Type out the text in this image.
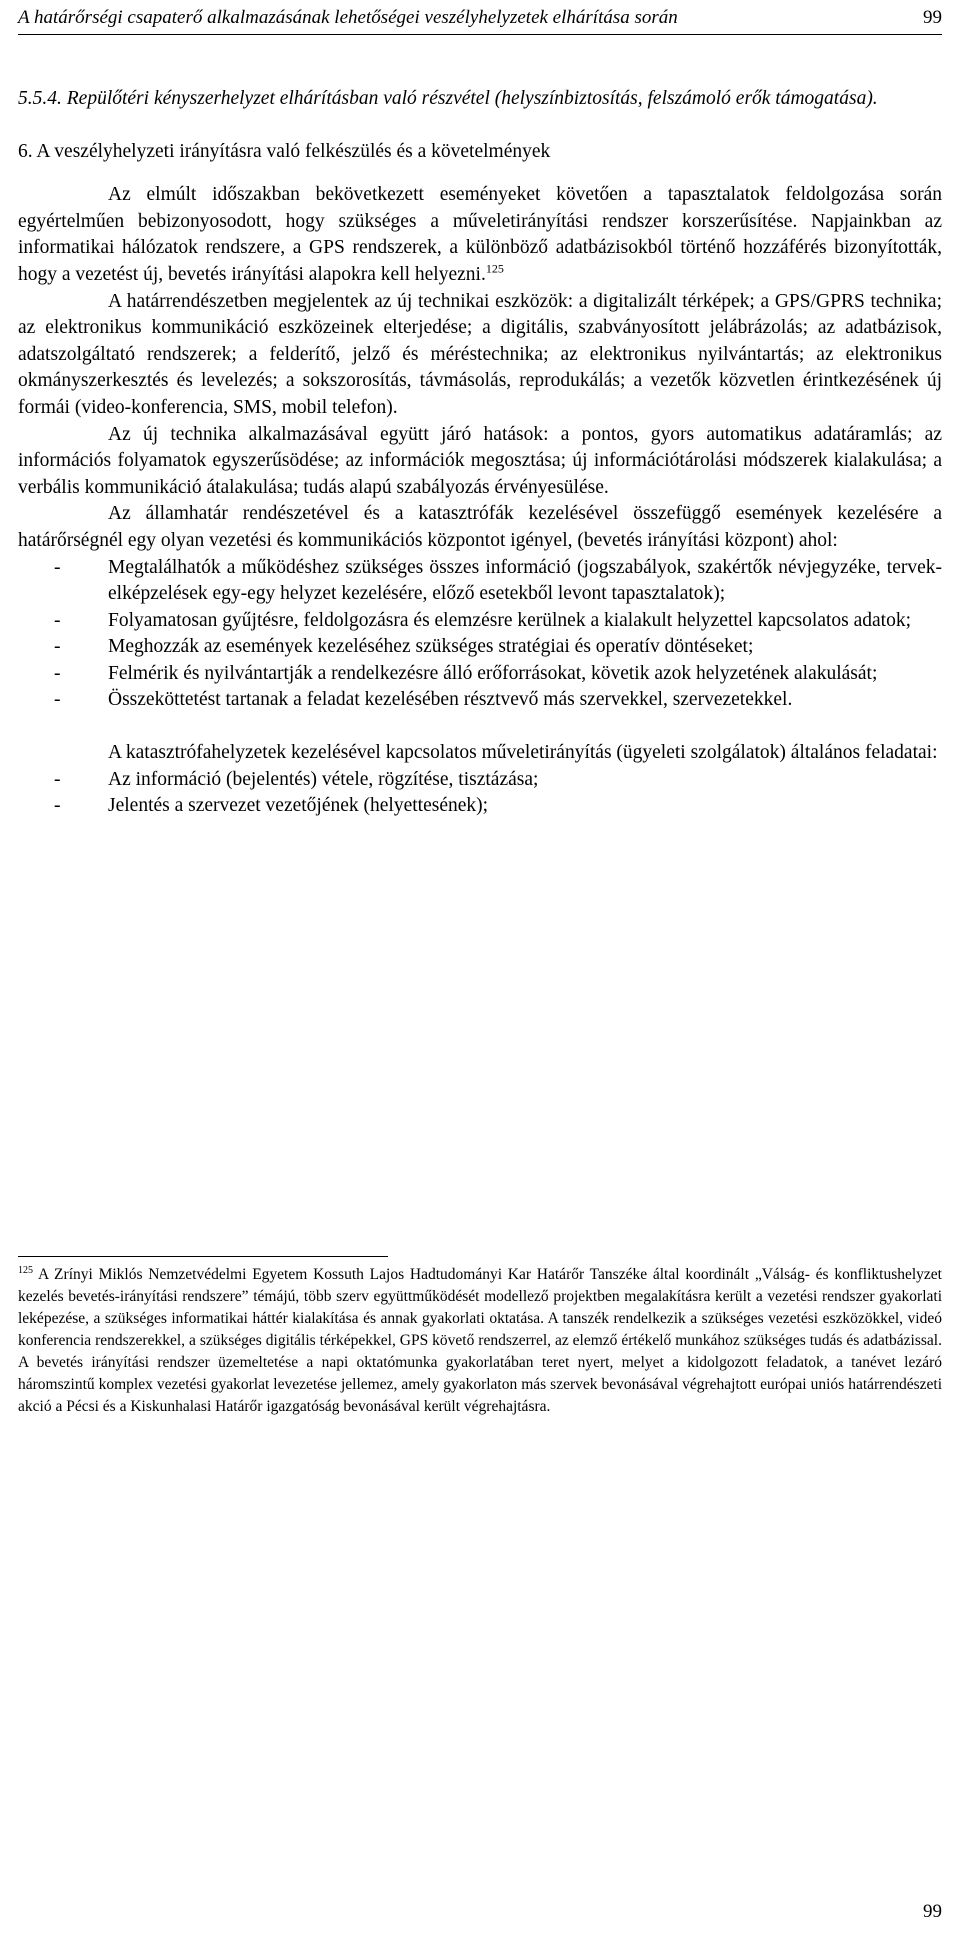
A határőrségi csapaterő alkalmazásának lehetőségei veszélyhelyzetek elhárítása során	99

5.5.4. Repülőtéri kényszerhelyzet elhárításban való részvétel (helyszínbiztosítás, felszámoló erők támogatása).

6. A veszélyhelyzeti irányításra való felkészülés és a követelmények

Az elmúlt időszakban bekövetkezett eseményeket követően a tapasztalatok feldolgozása során egyértelműen bebizonyosodott, hogy szükséges a műveletirányítási rendszer korszerűsítése. Napjainkban az informatikai hálózatok rendszere, a GPS rendszerek, a különböző adatbázisokból történő hozzáférés bizonyították, hogy a vezetést új, bevetés irányítási alapokra kell helyezni.$^{125}$

A határrendészetben megjelentek az új technikai eszközök: a digitalizált térképek; a GPS/GPRS technika; az elektronikus kommunikáció eszközeinek elterjedése; a digitális, szabványosított jelábrázolás; az adatbázisok, adatszolgáltató rendszerek; a felderítő, jelző és méréstechnika; az elektronikus nyilvántartás; az elektronikus okmányszerkesztés és levelezés; a sokszorosítás, távmásolás, reprodukálás; a vezetők közvetlen érintkezésének új formái (video-konferencia, SMS, mobil telefon).

Az új technika alkalmazásával együtt járó hatások: a pontos, gyors automatikus adatáramlás; az információs folyamatok egyszerűsödése; az információk megosztása; új információtárolási módszerek kialakulása; a verbális kommunikáció átalakulása; tudás alapú szabályozás érvényesülése.

Az államhatár rendészetével és a katasztrófák kezelésével összefüggő események kezelésére a határőrségnél egy olyan vezetési és kommunikációs központot igényel, (bevetés irányítási központ) ahol:

- Megtalálhatók a működéshez szükséges összes információ (jogszabályok, szakértők névjegyzéke, tervek-elképzelések egy-egy helyzet kezelésére, előző esetekből levont tapasztalatok);
- Folyamatosan gyűjtésre, feldolgozásra és elemzésre kerülnek a kialakult helyzettel kapcsolatos adatok;
- Meghozzák az események kezeléséhez szükséges stratégiai és operatív döntéseket;
- Felmérik és nyilvántartják a rendelkezésre álló erőforrásokat, követik azok helyzetének alakulását;
- Összeköttetést tartanak a feladat kezelésében résztvevő más szervekkel, szervezetekkel.

A katasztrófahelyzetek kezelésével kapcsolatos műveletirányítás (ügyeleti szolgálatok) általános feladatai:

- Az információ (bejelentés) vétele, rögzítése, tisztázása;
- Jelentés a szervezet vezetőjének (helyettesének);

$^{125}$ A Zrínyi Miklós Nemzetvédelmi Egyetem Kossuth Lajos Hadtudományi Kar Határőr Tanszéke által koordinált „Válság- és konfliktushelyzet kezelés bevetés-irányítási rendszere” témájú, több szerv együttműködését modellező projektben megalakításra került a vezetési rendszer gyakorlati leképezése, a szükséges informatikai háttér kialakítása és annak gyakorlati oktatása. A tanszék rendelkezik a szükséges vezetési eszközökkel, videó konferencia rendszerekkel, a szükséges digitális térképekkel, GPS követő rendszerrel, az elemző értékelő munkához szükséges tudás és adatbázissal. A bevetés irányítási rendszer üzemeltetése a napi oktatómunka gyakorlatában teret nyert, melyet a kidolgozott feladatok, a tanévet lezáró háromszintű komplex vezetési gyakorlat levezetése jellemez, amely gyakorlaton más szervek bevonásával végrehajtott európai uniós határrendészeti akció a Pécsi és a Kiskunhalasi Határőr igazgatóság bevonásával került végrehajtásra.

99
